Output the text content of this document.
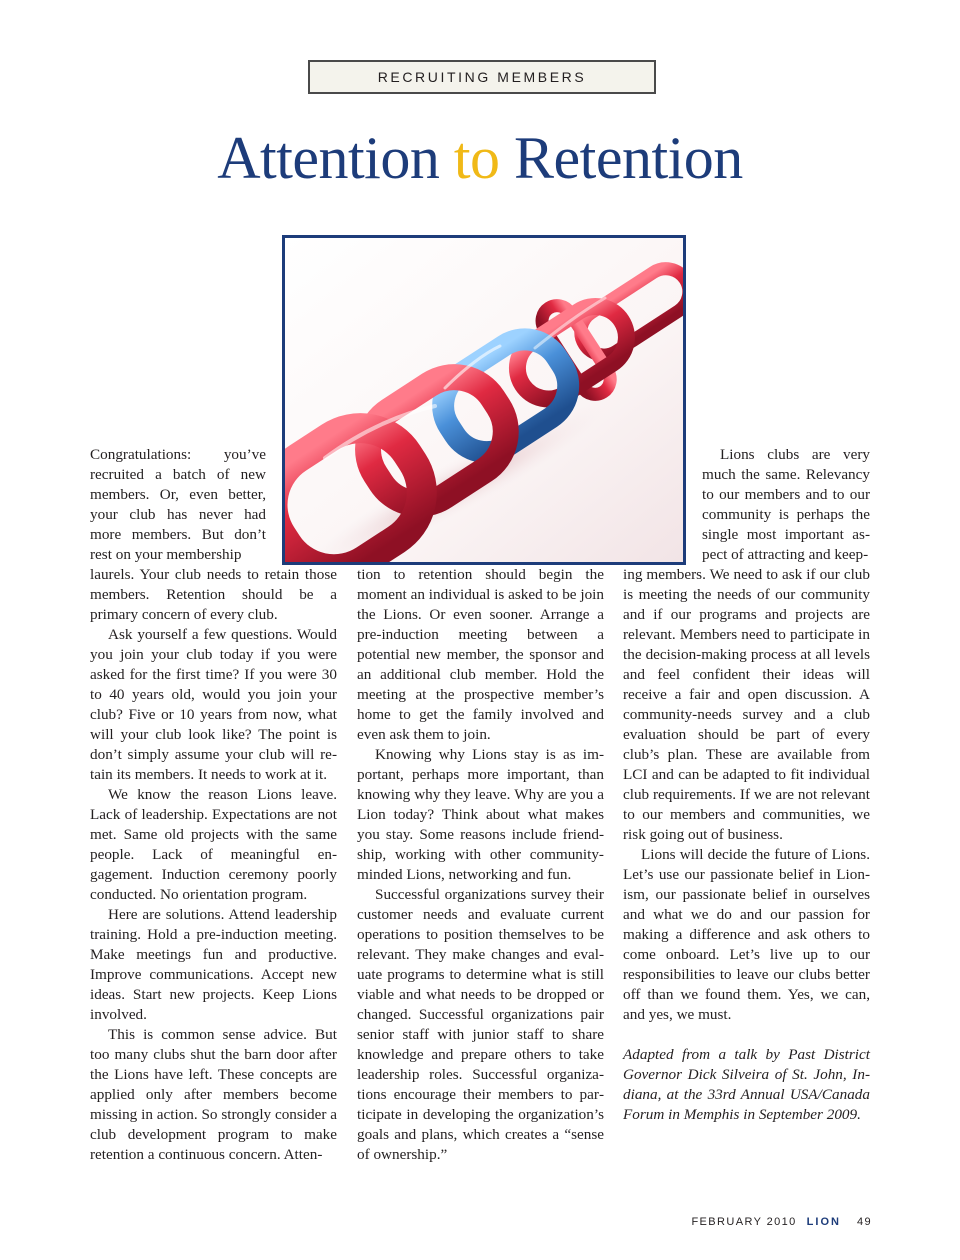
RECRUITING MEMBERS
Attention to Retention

Congratulations: you’ve recruited a batch of new members. Or, even better, your club has never had more members. But don’t rest on your membership

laurels. Your club needs to retain those members. Retention should be a primary concern of every club.

Ask yourself a few questions. Would you join your club today if you were asked for the first time? If you were 30 to 40 years old, would you join your club? Five or 10 years from now, what will your club look like? The point is don’t simply assume your club will retain its members. It needs to work at it.

We know the reason Lions leave. Lack of leadership. Expectations are not met. Same old projects with the same people. Lack of meaningful engagement. Induction ceremony poorly conducted. No orientation program.

Here are solutions. Attend leadership training. Hold a pre-induction meeting. Make meetings fun and productive. Improve communications. Accept new ideas. Start new projects. Keep Lions involved.

This is common sense advice. But too many clubs shut the barn door after the Lions have left. These concepts are applied only after members become missing in action. So strongly consider a club development program to make retention a continuous concern. Atten-

tion to retention should begin the moment an individual is asked to be join the Lions. Or even sooner. Arrange a pre-induction meeting between a potential new member, the sponsor and an additional club member. Hold the meeting at the prospective member’s home to get the family involved and even ask them to join.

Knowing why Lions stay is as important, perhaps more important, than knowing why they leave. Why are you a Lion today? Think about what makes you stay. Some reasons include friendship, working with other community-minded Lions, networking and fun.

Successful organizations survey their customer needs and evaluate current operations to position themselves to be relevant. They make changes and evaluate programs to determine what is still viable and what needs to be dropped or changed. Successful organizations pair senior staff with junior staff to share knowledge and prepare others to take leadership roles. Successful organizations encourage their members to participate in developing the organization’s goals and plans, which creates a “sense of ownership.”

Lions clubs are very much the same. Relevancy to our members and to our community is perhaps the single most important aspect of attracting and keep-

ing members. We need to ask if our club is meeting the needs of our community and if our programs and projects are relevant. Members need to participate in the decision-making process at all levels and feel confident their ideas will receive a fair and open discussion. A community-needs survey and a club evaluation should be part of every club’s plan. These are available from LCI and can be adapted to fit individual club requirements. If we are not relevant to our members and communities, we risk going out of business.

Lions will decide the future of Lions. Let’s use our passionate belief in Lionism, our passionate belief in ourselves and what we do and our passion for making a difference and ask others to come onboard. Let’s live up to our responsibilities to leave our clubs better off than we found them. Yes, we can, and yes, we must.

Adapted from a talk by Past District Governor Dick Silveira of St. John, Indiana, at the 33rd Annual USA/Canada Forum in Memphis in September 2009.

FEBRUARY 2010 LION 49
